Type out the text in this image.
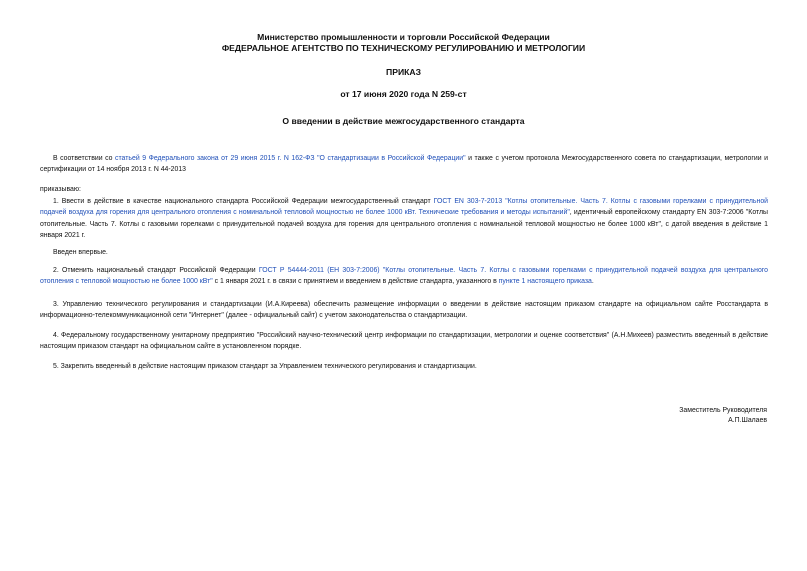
Министерство промышленности и торговли Российской Федерации
ФЕДЕРАЛЬНОЕ АГЕНТСТВО ПО ТЕХНИЧЕСКОМУ РЕГУЛИРОВАНИЮ И МЕТРОЛОГИИ
ПРИКАЗ
от 17 июня 2020 года N 259-ст
О введении в действие межгосударственного стандарта
В соответствии со статьей 9 Федерального закона от 29 июня 2015 г. N 162-ФЗ "О стандартизации в Российской Федерации" и также с учетом протокола Межгосударственного совета по стандартизации, метрологии и сертификации от 14 ноября 2013 г. N 44-2013
приказываю:
1. Ввести в действие в качестве национального стандарта Российской Федерации межгосударственный стандарт ГОСТ EN 303-7-2013 "Котлы отопительные. Часть 7. Котлы с газовыми горелками с принудительной подачей воздуха для горения для центрального отопления с номинальной тепловой мощностью не более 1000 кВт. Технические требования и методы испытаний", идентичный европейскому стандарту EN 303-7:2006 "Котлы отопительные. Часть 7. Котлы с газовыми горелками с принудительной подачей воздуха для горения для центрального отопления с номинальной тепловой мощностью не более 1000 кВт", с датой введения в действие 1 января 2021 г.
Введен впервые.
2. Отменить национальный стандарт Российской Федерации ГОСТ Р 54444-2011 (ЕН 303-7:2006) "Котлы отопительные. Часть 7. Котлы с газовыми горелками с принудительной подачей воздуха для центрального отопления с тепловой мощностью не более 1000 кВт" с 1 января 2021 г. в связи с принятием и введением в действие стандарта, указанного в пункте 1 настоящего приказа.
3. Управлению технического регулирования и стандартизации (И.А.Киреева) обеспечить размещение информации о введении в действие настоящим приказом стандарте на официальном сайте Росстандарта в информационно-телекоммуникационной сети "Интернет" (далее - официальный сайт) с учетом законодательства о стандартизации.
4. Федеральному государственному унитарному предприятию "Российский научно-технический центр информации по стандартизации, метрологии и оценке соответствия" (А.Н.Михеев) разместить введенный в действие настоящим приказом стандарт на официальном сайте в установленном порядке.
5. Закрепить введенный в действие настоящим приказом стандарт за Управлением технического регулирования и стандартизации.
Заместитель Руководителя
А.П.Шалаев
